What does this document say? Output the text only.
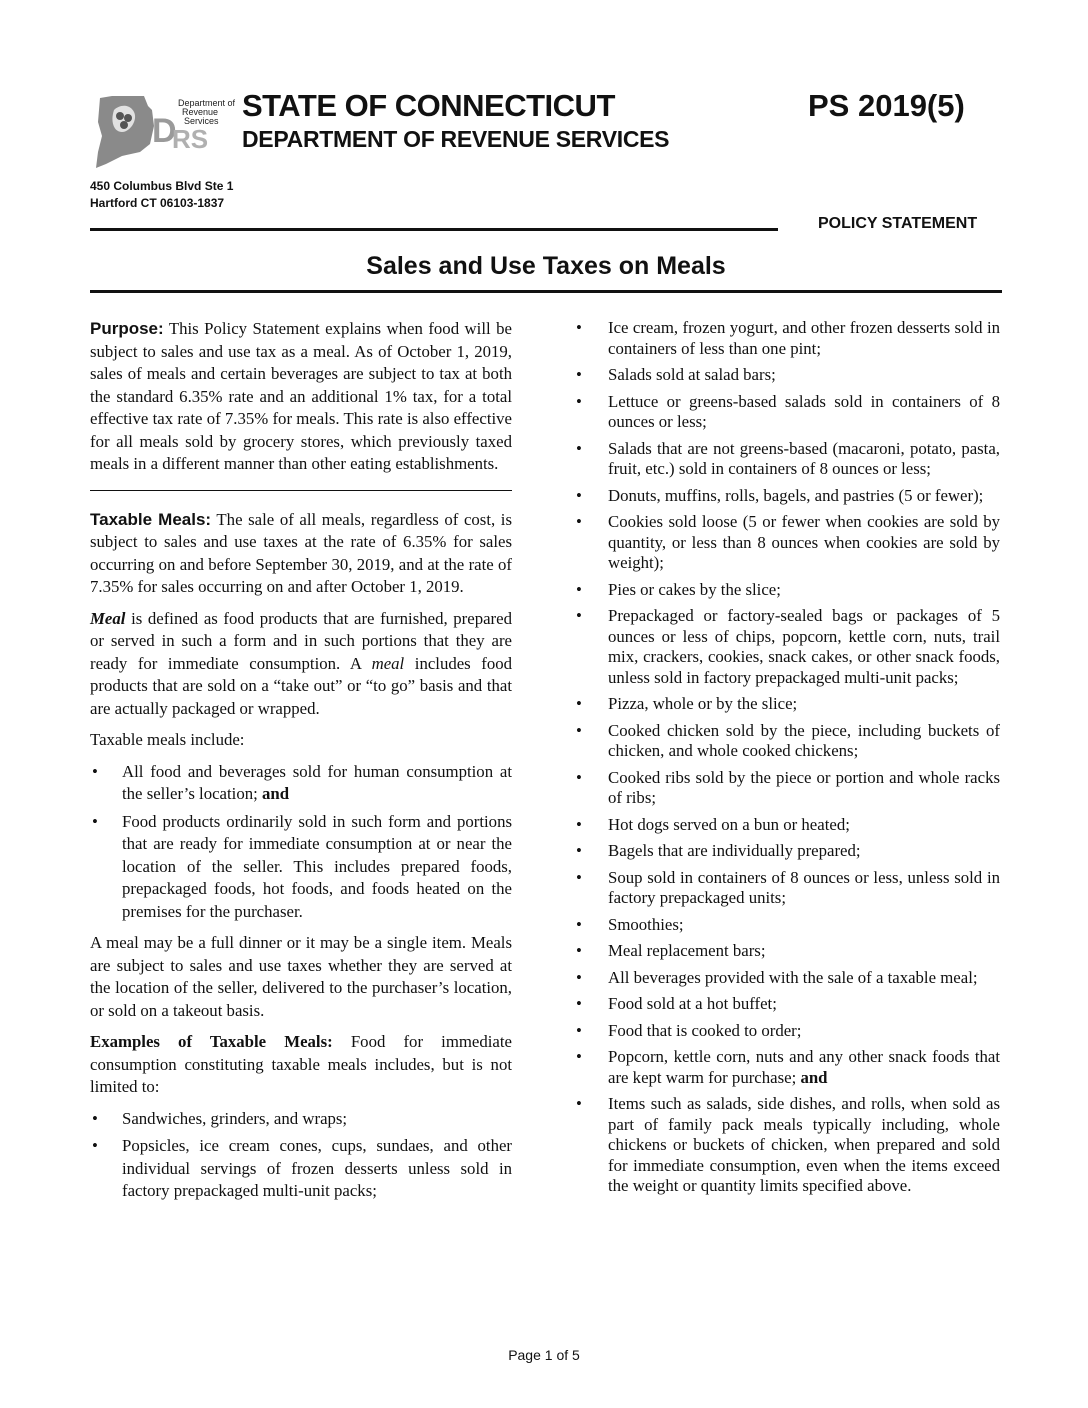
D
RS
Department of
Revenue
Services STATE OF CONNECTICUT
DEPARTMENT OF REVENUE SERVICES
PS 2019(5)
450 Columbus Blvd Ste 1
Hartford CT 06103-1837
POLICY STATEMENT
Sales and Use Taxes on Meals

Purpose: This Policy Statement explains when food will be subject to sales and use tax as a meal. As of October 1, 2019, sales of meals and certain beverages are subject to tax at both the standard 6.35% rate and an additional 1% tax, for a total effective tax rate of 7.35% for meals. This rate is also effective for all meals sold by grocery stores, which previously taxed meals in a different manner than other eating establishments.

Taxable Meals: The sale of all meals, regardless of cost, is subject to sales and use taxes at the rate of 6.35% for sales occurring on and before September 30, 2019, and at the rate of 7.35% for sales occurring on and after October 1, 2019.

Meal is defined as food products that are furnished, prepared or served in such a form and in such portions that they are ready for immediate consumption. A meal includes food products that are sold on a “take out” or “to go” basis and that are actually packaged or wrapped.

Taxable meals include:

• All food and beverages sold for human consumption at the seller’s location; and
• Food products ordinarily sold in such form and portions that are ready for immediate consumption at or near the location of the seller. This includes prepared foods, prepackaged foods, hot foods, and foods heated on the premises for the purchaser.

A meal may be a full dinner or it may be a single item. Meals are subject to sales and use taxes whether they are served at the location of the seller, delivered to the purchaser’s location, or sold on a takeout basis.

Examples of Taxable Meals: Food for immediate consumption constituting taxable meals includes, but is not limited to:

• Sandwiches, grinders, and wraps;
• Popsicles, ice cream cones, cups, sundaes, and other individual servings of frozen desserts unless sold in factory prepackaged multi-unit packs;
• Ice cream, frozen yogurt, and other frozen desserts sold in containers of less than one pint;
• Salads sold at salad bars;
• Lettuce or greens-based salads sold in containers of 8 ounces or less;
• Salads that are not greens-based (macaroni, potato, pasta, fruit, etc.) sold in containers of 8 ounces or less;
• Donuts, muffins, rolls, bagels, and pastries (5 or fewer);
• Cookies sold loose (5 or fewer when cookies are sold by quantity, or less than 8 ounces when cookies are sold by weight);
• Pies or cakes by the slice;
• Prepackaged or factory-sealed bags or packages of 5 ounces or less of chips, popcorn, kettle corn, nuts, trail mix, crackers, cookies, snack cakes, or other snack foods, unless sold in factory prepackaged multi-unit packs;
• Pizza, whole or by the slice;
• Cooked chicken sold by the piece, including buckets of chicken, and whole cooked chickens;
• Cooked ribs sold by the piece or portion and whole racks of ribs;
• Hot dogs served on a bun or heated;
• Bagels that are individually prepared;
• Soup sold in containers of 8 ounces or less, unless sold in factory prepackaged units;
• Smoothies;
• Meal replacement bars;
• All beverages provided with the sale of a taxable meal;
• Food sold at a hot buffet;
• Food that is cooked to order;
• Popcorn, kettle corn, nuts and any other snack foods that are kept warm for purchase; and
• Items such as salads, side dishes, and rolls, when sold as part of family pack meals typically including, whole chickens or buckets of chicken, when prepared and sold for immediate consumption, even when the items exceed the weight or quantity limits specified above.
Page 1 of 5
